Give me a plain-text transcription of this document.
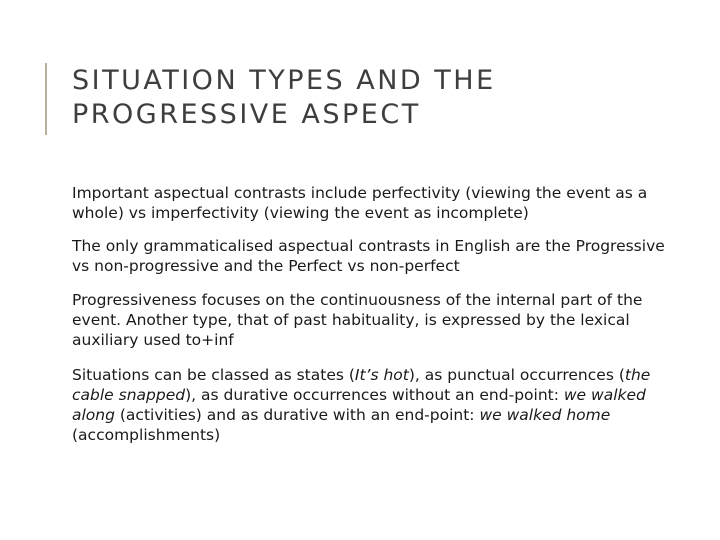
SITUATION TYPES AND THE PROGRESSIVE ASPECT
Important aspectual contrasts include perfectivity (viewing the event as a whole) vs imperfectivity (viewing the event as incomplete)
The only grammaticalised aspectual contrasts in English are the Progressive vs non-progressive and the Perfect vs non-perfect
Progressiveness focuses on the continuousness of the internal part of the event. Another type, that of past habituality, is expressed by the lexical auxiliary used to+inf
Situations can be classed as states (It’s hot), as punctual occurrences (the cable snapped), as durative occurrences without an end-point: we walked along (activities) and as durative with an end-point: we walked home (accomplishments)
